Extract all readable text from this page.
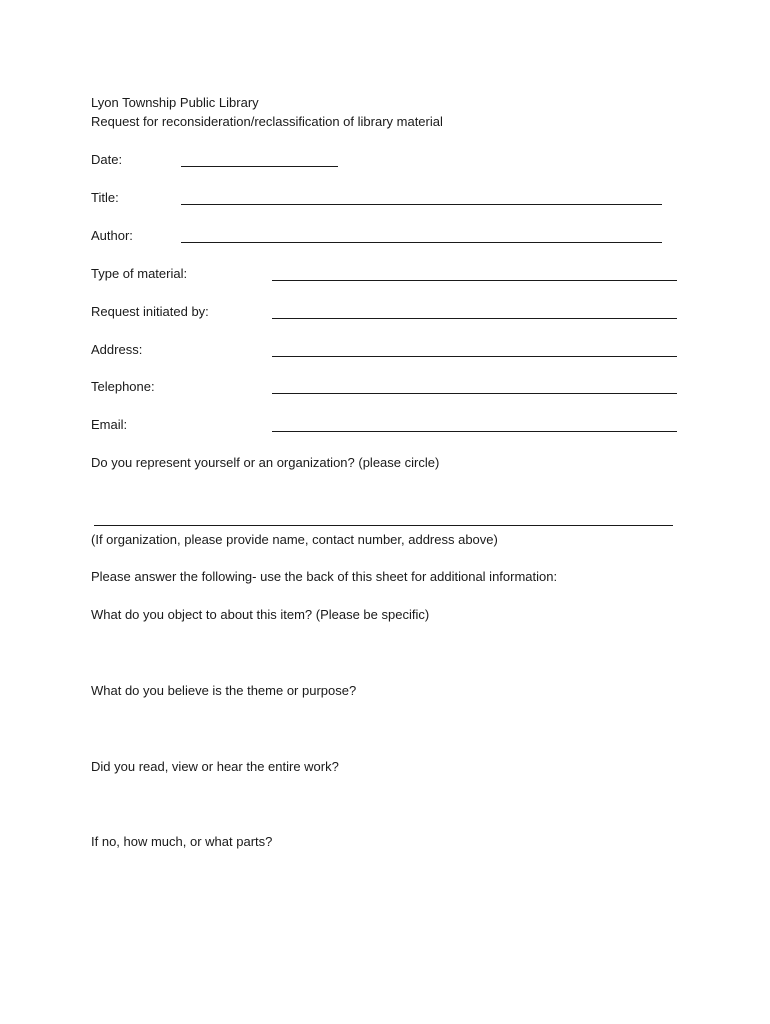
Lyon Township Public Library
Request for reconsideration/reclassification of library material
Date:
Title:
Author:
Type of material:
Request initiated by:
Address:
Telephone:
Email:
Do you represent yourself or an organization? (please circle)
(If organization, please provide name, contact number, address above)
Please answer the following- use the back of this sheet for additional information:
What do you object to about this item? (Please be specific)
What do you believe is the theme or purpose?
Did you read, view or hear the entire work?
If no, how much, or what parts?
